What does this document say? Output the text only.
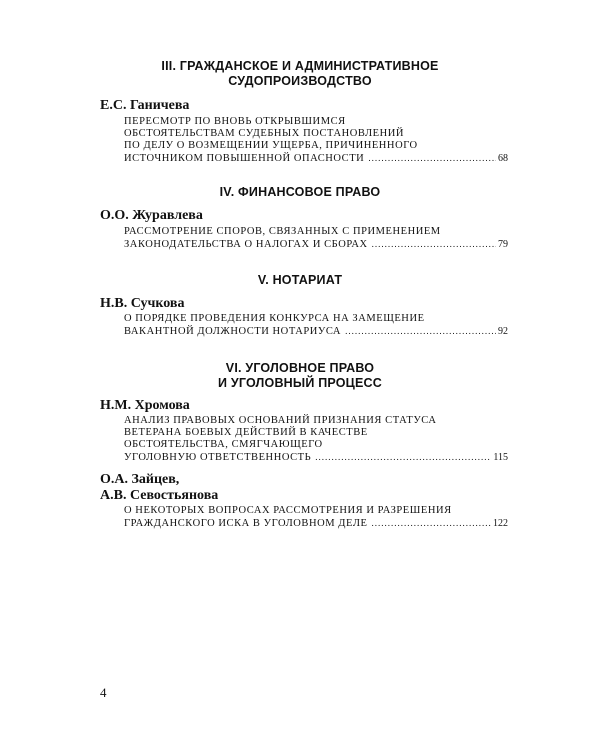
III. ГРАЖДАНСКОЕ И АДМИНИСТРАТИВНОЕ
СУДОПРОИЗВОДСТВО
Е.С. Ганичева
ПЕРЕСМОТР ПО ВНОВЬ ОТКРЫВШИМСЯ
ОБСТОЯТЕЛЬСТВАМ СУДЕБНЫХ ПОСТАНОВЛЕНИЙ
ПО ДЕЛУ О ВОЗМЕЩЕНИИ УЩЕРБА, ПРИЧИНЕННОГО
ИСТОЧНИКОМ ПОВЫШЕННОЙ ОПАСНОСТИ .....	68
IV. ФИНАНСОВОЕ ПРАВО
О.О. Журавлева
РАССМОТРЕНИЕ СПОРОВ, СВЯЗАННЫХ С ПРИМЕНЕНИЕМ
ЗАКОНОДАТЕЛЬСТВА О НАЛОГАХ И СБОРАХ .....	79
V. НОТАРИАТ
Н.В. Сучкова
О ПОРЯДКЕ ПРОВЕДЕНИЯ КОНКУРСА НА ЗАМЕЩЕНИЕ
ВАКАНТНОЙ ДОЛЖНОСТИ НОТАРИУСА .....	92
VI. УГОЛОВНОЕ ПРАВО
И УГОЛОВНЫЙ ПРОЦЕСС
Н.М. Хромова
АНАЛИЗ ПРАВОВЫХ ОСНОВАНИЙ ПРИЗНАНИЯ СТАТУСА
ВЕТЕРАНА БОЕВЫХ ДЕЙСТВИЙ В КАЧЕСТВЕ
ОБСТОЯТЕЛЬСТВА, СМЯГЧАЮЩЕГО
УГОЛОВНУЮ ОТВЕТСТВЕННОСТЬ .....	115
О.А. Зайцев,
А.В. Севостьянова
О НЕКОТОРЫХ ВОПРОСАХ РАССМОТРЕНИЯ И РАЗРЕШЕНИЯ
ГРАЖДАНСКОГО ИСКА В УГОЛОВНОМ ДЕЛЕ .....	122
4
